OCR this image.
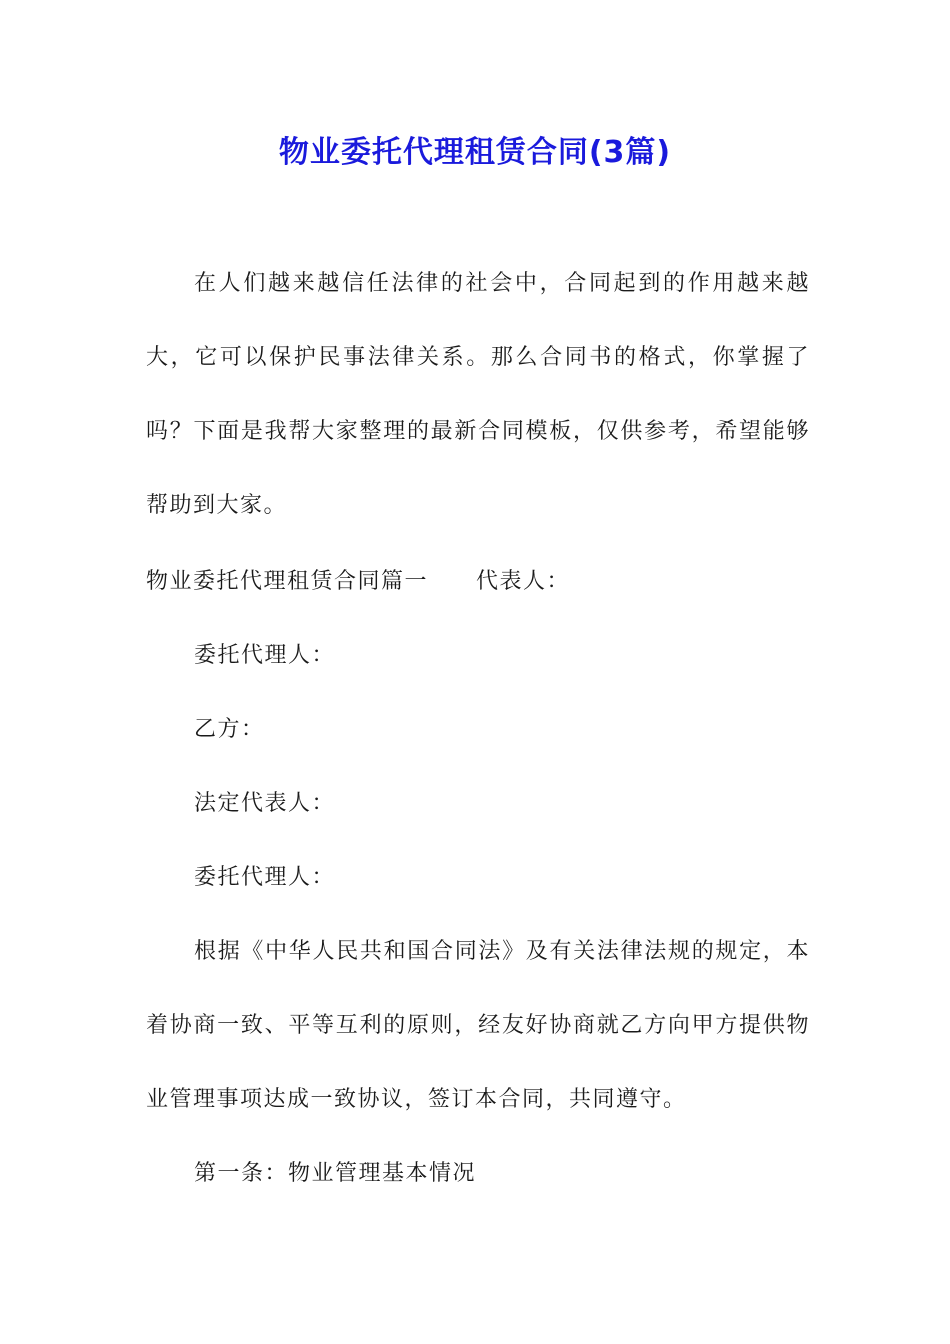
物业委托代理租赁合同(3篇)

在人们越来越信任法律的社会中，合同起到的作用越来越大，它可以保护民事法律关系。那么合同书的格式，你掌握了吗？下面是我帮大家整理的最新合同模板，仅供参考，希望能够帮助到大家。

物业委托代理租赁合同篇一 代表人：

委托代理人：

乙方：

法定代表人：

委托代理人：

根据《中华人民共和国合同法》及有关法律法规的规定，本着协商一致、平等互利的原则，经友好协商就乙方向甲方提供物业管理事项达成一致协议，签订本合同，共同遵守。

第一条：物业管理基本情况
